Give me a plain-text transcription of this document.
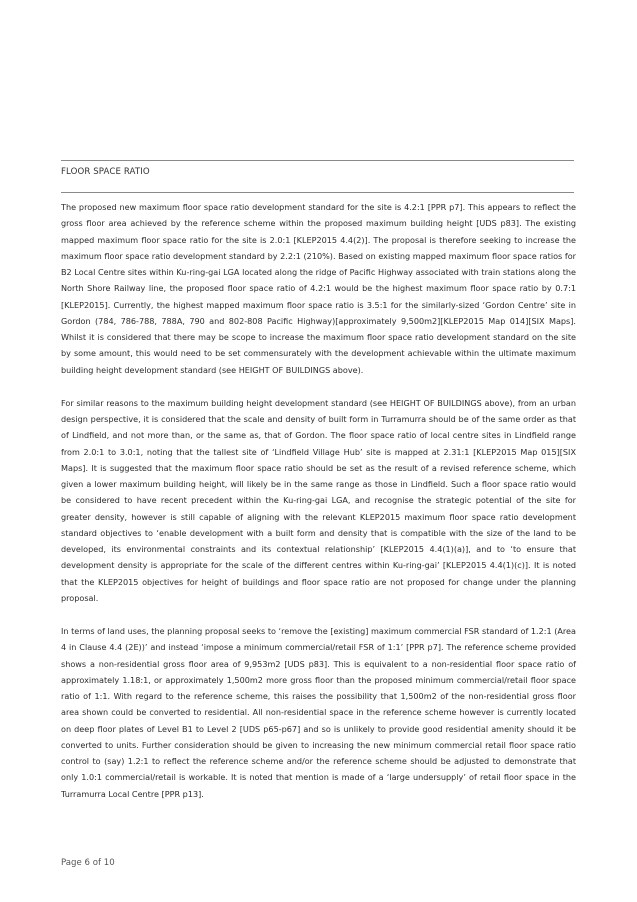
FLOOR SPACE RATIO

The proposed new maximum floor space ratio development standard for the site is 4.2:1 [PPR p7]. This appears to reflect the gross floor area achieved by the reference scheme within the proposed maximum building height [UDS p83]. The existing mapped maximum floor space ratio for the site is 2.0:1 [KLEP2015 4.4(2)]. The proposal is therefore seeking to increase the maximum floor space ratio development standard by 2.2:1 (210%). Based on existing mapped maximum floor space ratios for B2 Local Centre sites within Ku-ring-gai LGA located along the ridge of Pacific Highway associated with train stations along the North Shore Railway line, the proposed floor space ratio of 4.2:1 would be the highest maximum floor space ratio by 0.7:1 [KLEP2015]. Currently, the highest mapped maximum floor space ratio is 3.5:1 for the similarly-sized ‘Gordon Centre’ site in Gordon (784, 786-788, 788A, 790 and 802-808 Pacific Highway)[approximately 9,500m2][KLEP2015 Map 014][SIX Maps]. Whilst it is considered that there may be scope to increase the maximum floor space ratio development standard on the site by some amount, this would need to be set commensurately with the development achievable within the ultimate maximum building height development standard (see HEIGHT OF BUILDINGS above).

For similar reasons to the maximum building height development standard (see HEIGHT OF BUILDINGS above), from an urban design perspective, it is considered that the scale and density of built form in Turramurra should be of the same order as that of Lindfield, and not more than, or the same as, that of Gordon. The floor space ratio of local centre sites in Lindfield range from 2.0:1 to 3.0:1, noting that the tallest site of ‘Lindfield Village Hub’ site is mapped at 2.31:1 [KLEP2015 Map 015][SIX Maps]. It is suggested that the maximum floor space ratio should be set as the result of a revised reference scheme, which given a lower maximum building height, will likely be in the same range as those in Lindfield. Such a floor space ratio would be considered to have recent precedent within the Ku-ring-gai LGA, and recognise the strategic potential of the site for greater density, however is still capable of aligning with the relevant KLEP2015 maximum floor space ratio development standard objectives to ‘enable development with a built form and density that is compatible with the size of the land to be developed, its environmental constraints and its contextual relationship’ [KLEP2015 4.4(1)(a)], and to ‘to ensure that development density is appropriate for the scale of the different centres within Ku-ring-gai’ [KLEP2015 4.4(1)(c)]. It is noted that the KLEP2015 objectives for height of buildings and floor space ratio are not proposed for change under the planning proposal.

In terms of land uses, the planning proposal seeks to ‘remove the [existing] maximum commercial FSR standard of 1.2:1 (Area 4 in Clause 4.4 (2E))’ and instead ‘impose a minimum commercial/retail FSR of 1:1’ [PPR p7]. The reference scheme provided shows a non-residential gross floor area of 9,953m2 [UDS p83]. This is equivalent to a non-residential floor space ratio of approximately 1.18:1, or approximately 1,500m2 more gross floor than the proposed minimum commercial/retail floor space ratio of 1:1. With regard to the reference scheme, this raises the possibility that 1,500m2 of the non-residential gross floor area shown could be converted to residential. All non-residential space in the reference scheme however is currently located on deep floor plates of Level B1 to Level 2 [UDS p65-p67] and so is unlikely to provide good residential amenity should it be converted to units. Further consideration should be given to increasing the new minimum commercial retail floor space ratio control to (say) 1.2:1 to reflect the reference scheme and/or the reference scheme should be adjusted to demonstrate that only 1.0:1 commercial/retail is workable. It is noted that mention is made of a ‘large undersupply’ of retail floor space in the Turramurra Local Centre [PPR p13].

Page 6 of 10
